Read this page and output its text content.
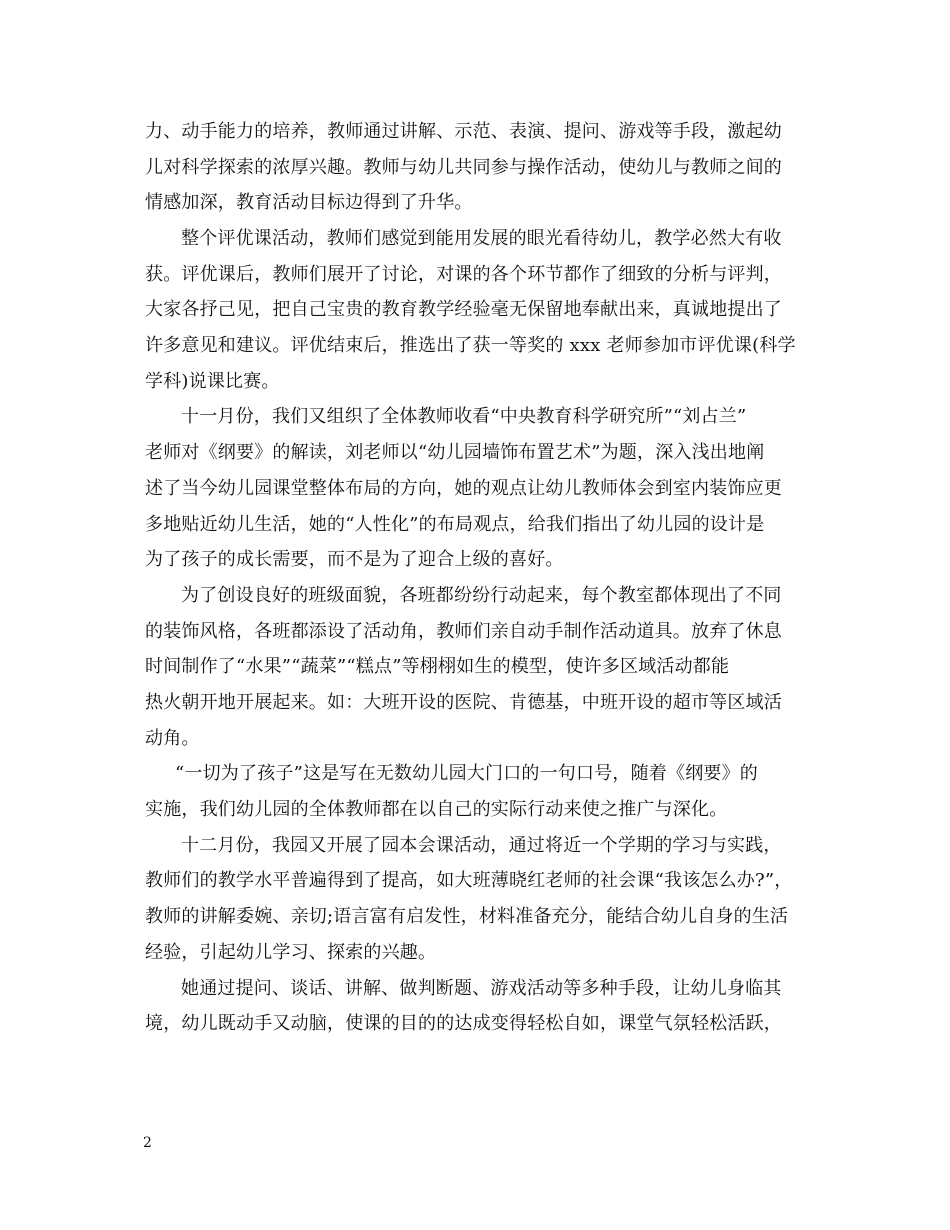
力、动手能力的培养，教师通过讲解、示范、表演、提问、游戏等手段，激起幼
儿对科学探索的浓厚兴趣。教师与幼儿共同参与操作活动，使幼儿与教师之间的
情感加深，教育活动目标边得到了升华。
整个评优课活动，教师们感觉到能用发展的眼光看待幼儿，教学必然大有收
获。评优课后，教师们展开了讨论，对课的各个环节都作了细致的分析与评判，
大家各抒己见，把自己宝贵的教育教学经验毫无保留地奉献出来，真诚地提出了
许多意见和建议。评优结束后，推选出了获一等奖的 xxx 老师参加市评优课(科学
学科)说课比赛。
十一月份，我们又组织了全体教师收看“中央教育科学研究所”“刘占兰”
老师对《纲要》的解读，刘老师以“幼儿园墙饰布置艺术”为题，深入浅出地阐
述了当今幼儿园课堂整体布局的方向，她的观点让幼儿教师体会到室内装饰应更
多地贴近幼儿生活，她的“人性化”的布局观点，给我们指出了幼儿园的设计是
为了孩子的成长需要，而不是为了迎合上级的喜好。
为了创设良好的班级面貌，各班都纷纷行动起来，每个教室都体现出了不同
的装饰风格，各班都添设了活动角，教师们亲自动手制作活动道具。放弃了休息
时间制作了“水果”“蔬菜”“糕点”等栩栩如生的模型，使许多区域活动都能
热火朝开地开展起来。如：大班开设的医院、肯德基，中班开设的超市等区域活
动角。
“一切为了孩子”这是写在无数幼儿园大门口的一句口号，随着《纲要》的
实施，我们幼儿园的全体教师都在以自己的实际行动来使之推广与深化。
十二月份，我园又开展了园本会课活动，通过将近一个学期的学习与实践，
教师们的教学水平普遍得到了提高，如大班薄晓红老师的社会课“我该怎么办?”，
教师的讲解委婉、亲切;语言富有启发性，材料准备充分，能结合幼儿自身的生活
经验，引起幼儿学习、探索的兴趣。
她通过提问、谈话、讲解、做判断题、游戏活动等多种手段，让幼儿身临其
境，幼儿既动手又动脑，使课的目的的达成变得轻松自如，课堂气氛轻松活跃，
2
